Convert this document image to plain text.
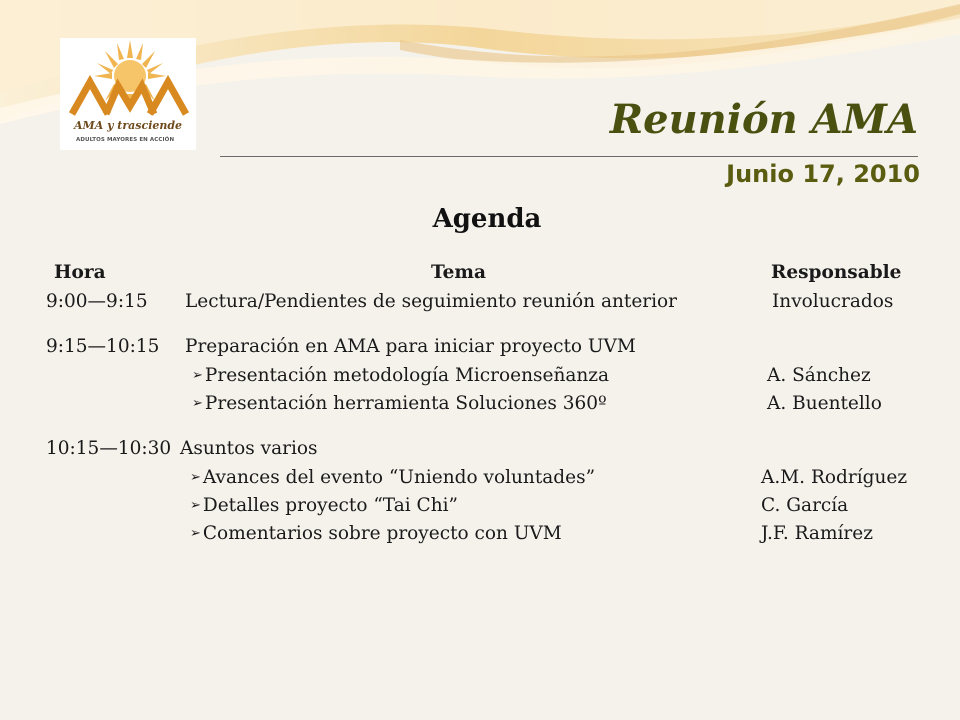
AMA y trasciende
ADULTOS MAYORES EN ACCIÓN	Reunión AMA
Junio 17, 2010
Agenda
Hora	Tema	Responsable
9:00—9:15 Lectura/Pendientes de seguimiento reunión anterior	Involucrados
9:15—10:15 Preparación en AMA para iniciar proyecto UVM
➢ Presentación metodología Microenseñanza	A. Sánchez
➢ Presentación herramienta Soluciones 360º	A. Buentello
10:15—10:30 Asuntos varios
➢ Avances del evento “Uniendo voluntades”	A.M. Rodríguez
➢ Detalles proyecto “Tai Chi”	C. García
➢ Comentarios sobre proyecto con UVM	J.F. Ramírez
